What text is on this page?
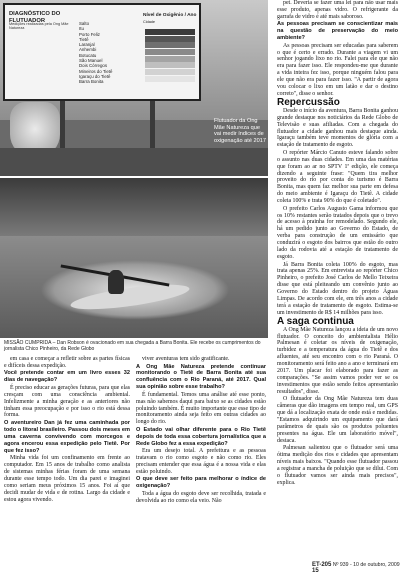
DIAGNÓSTICO DO FLUTUADOR
Medições realizadas pela Ong Mãe Natureza
Nível de Oxigênio / Ano
Cidade
Salto
Itu
Porto Feliz
Tietê
Laranjal
Anhembi
Botucatu
São Manuel
Dois Córregos
Mineiros do Tietê
Igaraçu do Tietê
Barra Bonita
Flutuador da Ong Mãe Natureza que vai medir índices de oxigenação até 2017
MISSÃO CUMPRIDA – Dan Robson é ovacionado em sua chegada a Barra Bonita. Ele recebe os cumprimentos do jornalista Chico Pinheiro, da Rede Globo

em casa e começar a refletir sobre as partes físicas e difíceis dessa expedição.

Você pretende contar em um livro esses 32 dias de navegação?

É preciso educar as gerações futuras, para que elas cresçam com uma consciência ambiental. Infelizmente a minha geração e as anteriores não tinham essa preocupação e por isso o rio está dessa forma.

O aventureiro Dan já fez uma caminhada por todo o litoral brasileiro. Passou dois meses em uma caverna convivendo com morcegos e agora encerou essa expedição pelo Tietê. Por que fez isso?

Minha vida foi um confinamento em frente ao computador. Em 15 anos de trabalho como analista de sistemas minhas férias foram de uma semana durante esse tempo todo. Um dia parei e imaginei como seriam meus próximos 15 anos. Foi aí que decidi mudar de vida e de rotina. Largo da cidade e estou agora vivendo.

viver aventuras tem sido gratificante.

A Ong Mãe Natureza pretende continuar monitorando o Tietê de Barra Bonita até sua confluência com o Rio Paraná, até 2017. Qual sua opinião sobre esse trabalho?

É fundamental. Temos uma análise até esse ponto, mas não sabemos daqui para baixo se as cidades estão poluindo também. É muito importante que esse tipo de monitoramento ainda seja feito em outras cidades ao longo do rio.

O Estado vai olhar diferente para o Rio Tietê depois de toda essa cobertura jornalística que a Rede Globo fez a essa expedição?

Era um desejo total. A prefeitura e as pessoas tratavam o rio como esgoto e não como rio. Eles precisam entender que essa água é a nossa vida e elas estão poluindo.

O que deve ser feito para melhorar o índice de oxigenação?

Toda a água do esgoto deve ser recolhida, tratada e devolvida ao rio como ela veio. Não

pet. Deveria se fazer uma lei para não usar mais esse produto, apenas vidro. O refrigerante da garrafa de vidro é até mais saboroso.

As pessoas precisam se conscientizar mais na questão de preservação do meio ambiente?

As pessoas precisam ser educadas para saberem o que é certo e errado. Durante a viagem vi um senhor jogando lixo no rio. Falei para ele que não era para fazer isso. Ele respondeu-me que durante a vida inteira fez isso, porque ninguém falou para ele que não era para fazer isso. "A partir de agora vou colocar o lixo em um latão e dar o destino correto", disse o senhor.

Repercussão

Desde o início da aventura, Barra Bonita ganhou grande destaque nos noticiários da Rede Globo de Televisão e suas afiliadas. Com a chegada do flutuador a cidade ganhou mais destaque ainda. Igaraçu também teve momentos de glória com a estação de tratamento de esgoto.

O repórter Márcio Canuto esteve falando sobre o assunto nas duas cidades. Em uma das matérias que foram ao ar no SPTV 1ª edição, ele começa dizendo a seguinte frase: "Quem tira melhor proveito do rio por conta do turismo é Barra Bonita, mas quem faz melhor sua parte em defesa do meio ambiente é Igaraçu do Tietê. A cidade coleta 100% e trata 90% do que é coletado".

O prefeito Carlos Augusto Gama informou que os 10% restantes serão tratados depois que o trevo de acesso à prainha for remodelado. Segundo ele, há um pedido junto ao Governo do Estado, de verba para construção de um emissário que conduzirá o esgoto dos bairros que estão do outro lado da rodovia até a estação de tratamento de esgoto.

Já Barra Bonita coleta 100% do esgoto, mas trata apenas 25%. Em entrevista ao repórter Chico Pinheiro, o prefeito José Carlos de Mello Teixeira disse que está pleiteando um convênio junto ao Governo do Estado dentro do projeto Águas Limpas. De acordo com ele, em três anos a cidade terá a estação de tratamento de esgoto. Estima-se um investimento de R$ 14 milhões para isso.

A saga continua

A Ong Mãe Natureza lançou a ideia de um novo flutuador. O conceito do ambientalista Hélio Palmesan é coletar os níveis de oxigenação, turbidez e a temperatura da água do Tietê e dos afluentes, até seu encontro com o rio Paraná. O monitoramento será feito ano a ano e terminará em 2017. Um placar foi elaborado para fazer as comparações. "Se assim vamos poder ver se os investimentos que estão sendo feitos apresentarão resultados", disse.

O flutuador da Ong Mãe Natureza tem duas câmeras que dão imagens em tempo real, um GPS que dá a localização exata de onde está e medidas. "Estamos adquirindo um equipamento que dará parâmetros de quais são os produtos poluentes presentes na água. Ele um laboratório móvel", destaca.

Palmesan salientou que o flutuador será uma ótima medição dos rios e cidades que apresentam níveis mais baixos. "Quando esse flutuador passou a registrar a mancha de poluição que se dilui. Com o flutuador vamos ser ainda mais precisos", explica.

ET-205 Nº 939 - 10 de outubro, 2009 15
